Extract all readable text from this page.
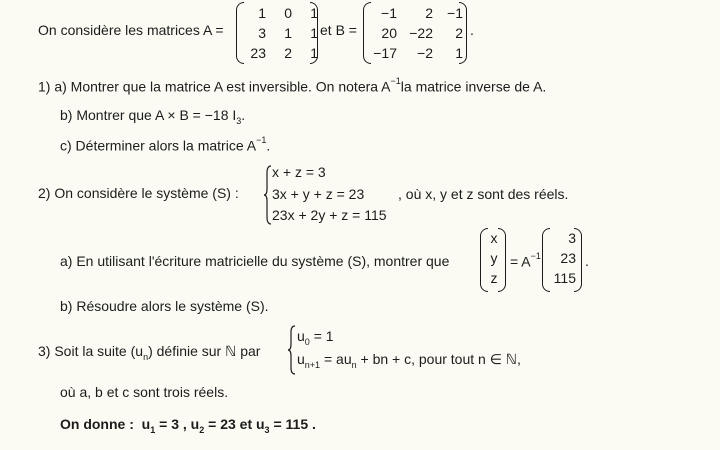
On considère les matrices A =
1	0	1
3	1	1
23	2	1
et B =
−1	2	−1
20 −22	2
−17	−2	1
.
1) a) Montrer que la matrice A est inversible. On notera $A^{-1}la$ matrice inverse de A.
b) Montrer que A × B = −18 $I_3$.
c) Déterminer alors la matrice $A^{-1}$.
2) On considère le système (S) :
x + z = 3
3x + y + z = 23
23x + 2y + z = 115
, où x, y et z sont des réels.
a) En utilisant l'écriture matricielle du système (S), montrer que
x
y
z
= $A^{-1}$
3
23
115
.
b) Résoudre alors le système (S).
3) Soit la suite $(u_n)$ définie sur ℕ par
$u_0 = 1$
$u_{n+1} = au_n$ + bn + c, pour tout n ∈ ℕ,
où a, b et c sont trois réels.
On donne : $u_1 = 3$ , $u_2 = 23$ et $u_3 = 115$ .
